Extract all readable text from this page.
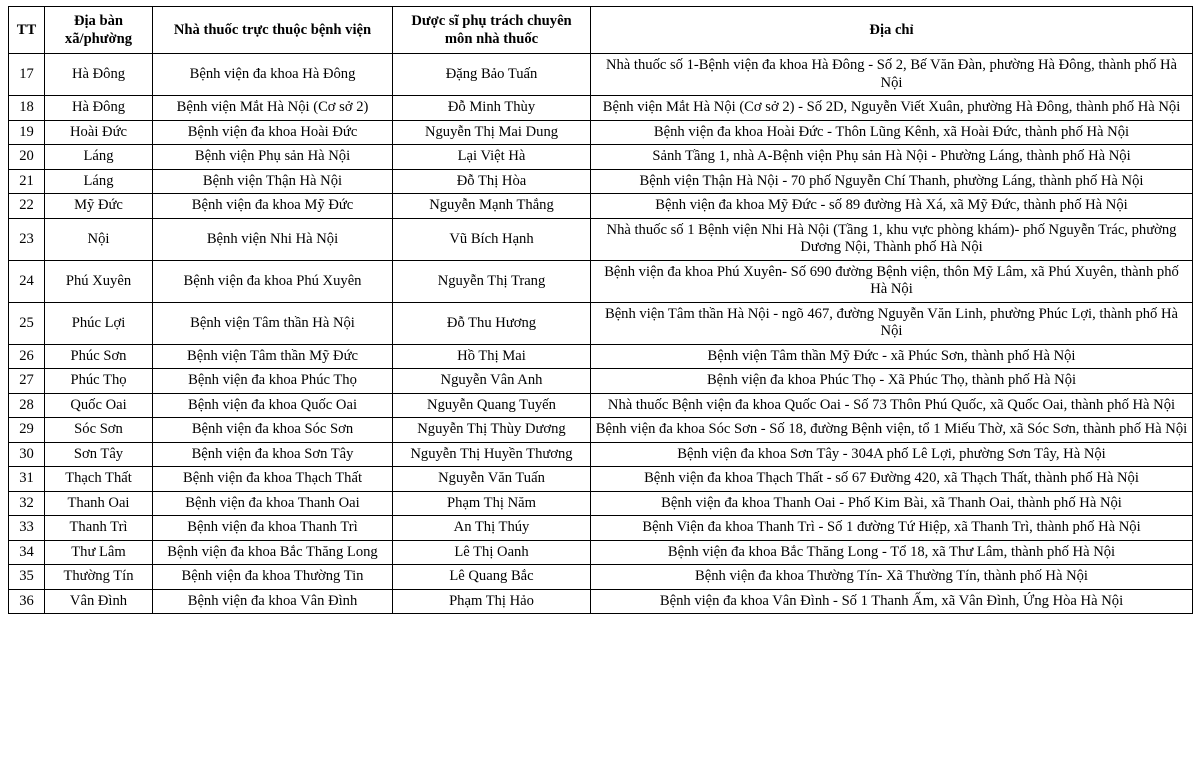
TT	Địa bàn xã/phường	Nhà thuốc trực thuộc bệnh viện	Dược sĩ phụ trách chuyên môn nhà thuốc	Địa chỉ
17	Hà Đông	Bệnh viện đa khoa Hà Đông	Đặng Bảo Tuấn	Nhà thuốc số 1-Bệnh viện đa khoa Hà Đông - Số 2, Bế Văn Đàn, phường Hà Đông, thành phố Hà Nội
18	Hà Đông	Bệnh viện Mắt Hà Nội (Cơ sở 2)	Đỗ Minh Thùy	Bệnh viện Mắt Hà Nội (Cơ sở 2) - Số 2D, Nguyễn Viết Xuân, phường Hà Đông, thành phố Hà Nội
19	Hoài Đức	Bệnh viện đa khoa Hoài Đức	Nguyễn Thị Mai Dung	Bệnh viện đa khoa Hoài Đức - Thôn Lũng Kênh, xã Hoài Đức, thành phố Hà Nội
20	Láng	Bệnh viện Phụ sản Hà Nội	Lại Việt Hà	Sảnh Tầng 1, nhà A-Bệnh viện Phụ sản Hà Nội - Phường Láng, thành phố Hà Nội
21	Láng	Bệnh viện Thận Hà Nội	Đỗ Thị Hòa	Bệnh viện Thận Hà Nội - 70 phố Nguyễn Chí Thanh, phường Láng, thành phố Hà Nội
22	Mỹ Đức	Bệnh viện đa khoa Mỹ Đức	Nguyễn Mạnh Thắng	Bệnh viện đa khoa Mỹ Đức - số 89 đường Hà Xá, xã Mỹ Đức, thành phố Hà Nội
23	Nội	Bệnh viện Nhi Hà Nội	Vũ Bích Hạnh	Nhà thuốc số 1 Bệnh viện Nhi Hà Nội (Tầng 1, khu vực phòng khám)- phố Nguyễn Trác, phường Dương Nội, Thành phố Hà Nội
24	Phú Xuyên	Bệnh viện đa khoa Phú Xuyên	Nguyễn Thị Trang	Bệnh viện đa khoa Phú Xuyên- Số 690 đường Bệnh viện, thôn Mỹ Lâm, xã Phú Xuyên, thành phố Hà Nội
25	Phúc Lợi	Bệnh viện Tâm thần Hà Nội	Đỗ Thu Hương	Bệnh viện Tâm thần Hà Nội - ngõ 467, đường Nguyễn Văn Linh, phường Phúc Lợi, thành phố Hà Nội
26	Phúc Sơn	Bệnh viện Tâm thần Mỹ Đức	Hồ Thị Mai	Bệnh viện Tâm thần Mỹ Đức - xã Phúc Sơn, thành phố Hà Nội
27	Phúc Thọ	Bệnh viện đa khoa Phúc Thọ	Nguyễn Vân Anh	Bệnh viện đa khoa Phúc Thọ - Xã Phúc Thọ, thành phố Hà Nội
28	Quốc Oai	Bệnh viện đa khoa Quốc Oai	Nguyễn Quang Tuyến	Nhà thuốc Bệnh viện đa khoa Quốc Oai - Số 73 Thôn Phú Quốc, xã Quốc Oai, thành phố Hà Nội
29	Sóc Sơn	Bệnh viện đa khoa Sóc Sơn	Nguyễn Thị Thùy Dương	Bệnh viện đa khoa Sóc Sơn - Số 18, đường Bệnh viện, tổ 1 Miếu Thờ, xã Sóc Sơn, thành phố Hà Nội
30	Sơn Tây	Bệnh viện đa khoa Sơn Tây	Nguyễn Thị Huyền Thương	Bệnh viện đa khoa Sơn Tây - 304A phố Lê Lợi, phường Sơn Tây, Hà Nội
31	Thạch Thất	Bệnh viện đa khoa Thạch Thất	Nguyễn Văn Tuấn	Bệnh viện đa khoa Thạch Thất - số 67 Đường 420, xã Thạch Thất, thành phố Hà Nội
32	Thanh Oai	Bệnh viện đa khoa Thanh Oai	Phạm Thị Năm	Bệnh viện đa khoa Thanh Oai - Phố Kim Bài, xã Thanh Oai, thành phố Hà Nội
33	Thanh Trì	Bệnh viện đa khoa Thanh Trì	An Thị Thúy	Bệnh Viện đa khoa Thanh Trì - Số 1 đường Tứ Hiệp, xã Thanh Trì, thành phố Hà Nội
34	Thư Lâm	Bệnh viện đa khoa Bắc Thăng Long	Lê Thị Oanh	Bệnh viện đa khoa Bắc Thăng Long - Tổ 18, xã Thư Lâm, thành phố Hà Nội
35	Thường Tín	Bệnh viện đa khoa Thường Tin	Lê Quang Bắc	Bệnh viện đa khoa Thường Tín- Xã Thường Tín, thành phố Hà Nội
36	Vân Đình	Bệnh viện đa khoa Vân Đình	Phạm Thị Hảo	Bệnh viện đa khoa Vân Đình - Số 1 Thanh Ấm, xã Vân Đình, Ứng Hòa Hà Nội
